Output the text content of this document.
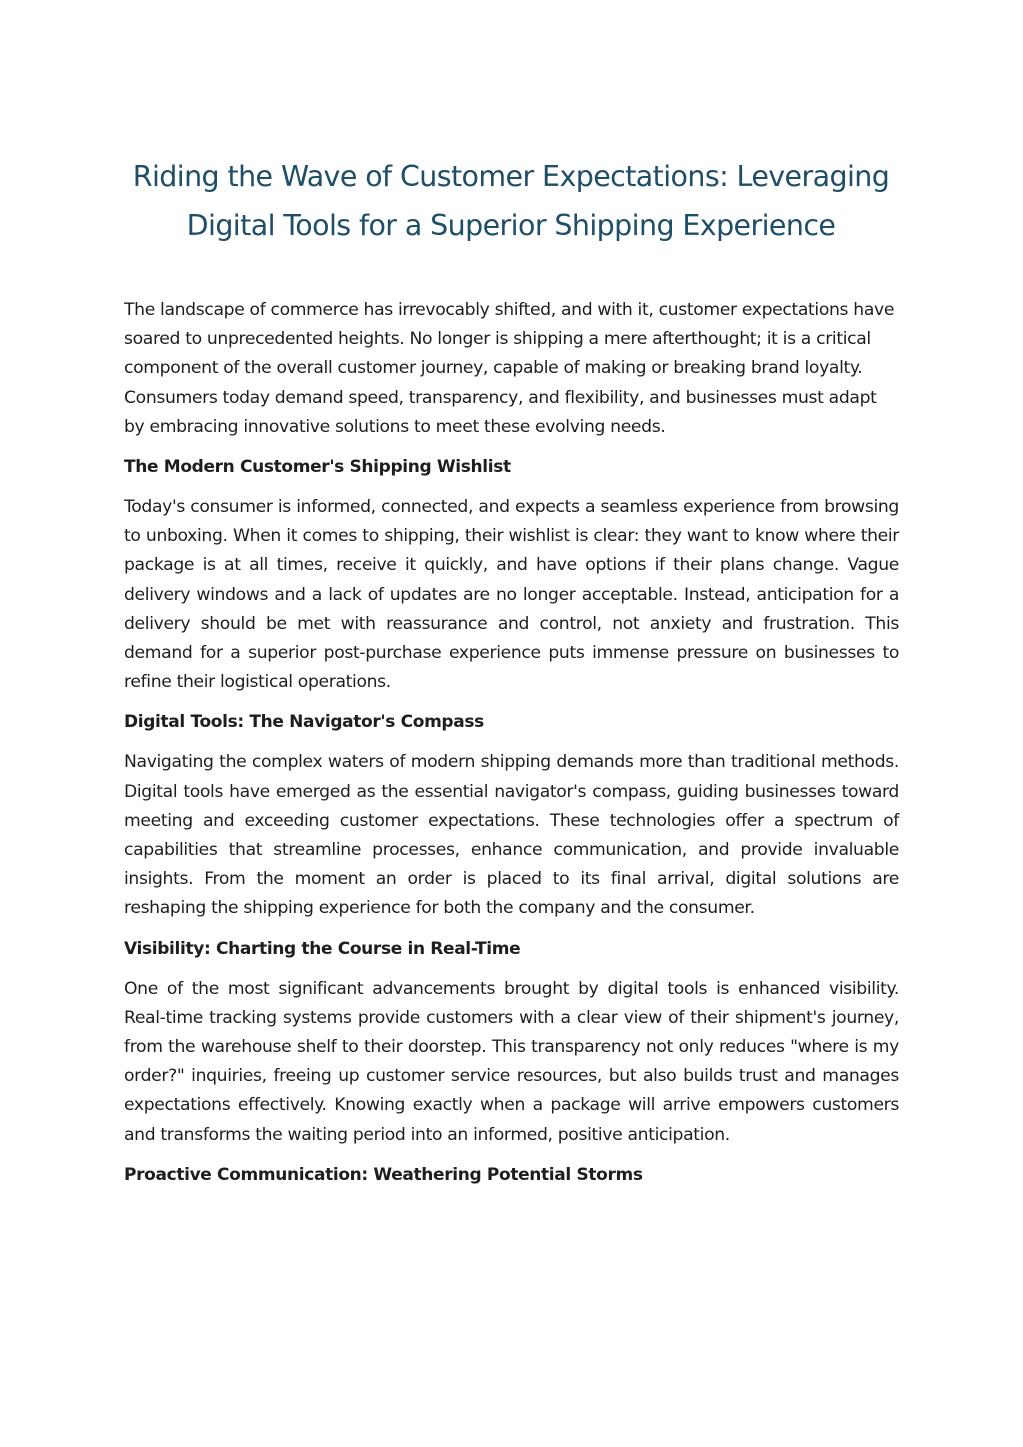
Riding the Wave of Customer Expectations: Leveraging Digital Tools for a Superior Shipping Experience

The landscape of commerce has irrevocably shifted, and with it, customer expectations have soared to unprecedented heights. No longer is shipping a mere afterthought; it is a critical component of the overall customer journey, capable of making or breaking brand loyalty. Consumers today demand speed, transparency, and flexibility, and businesses must adapt by embracing innovative solutions to meet these evolving needs.

The Modern Customer's Shipping Wishlist

Today's consumer is informed, connected, and expects a seamless experience from browsing to unboxing. When it comes to shipping, their wishlist is clear: they want to know where their package is at all times, receive it quickly, and have options if their plans change. Vague delivery windows and a lack of updates are no longer acceptable. Instead, anticipation for a delivery should be met with reassurance and control, not anxiety and frustration. This demand for a superior post-purchase experience puts immense pressure on businesses to refine their logistical operations.

Digital Tools: The Navigator's Compass

Navigating the complex waters of modern shipping demands more than traditional methods. Digital tools have emerged as the essential navigator's compass, guiding businesses toward meeting and exceeding customer expectations. These technologies offer a spectrum of capabilities that streamline processes, enhance communication, and provide invaluable insights. From the moment an order is placed to its final arrival, digital solutions are reshaping the shipping experience for both the company and the consumer.

Visibility: Charting the Course in Real-Time

One of the most significant advancements brought by digital tools is enhanced visibility. Real-time tracking systems provide customers with a clear view of their shipment's journey, from the warehouse shelf to their doorstep. This transparency not only reduces "where is my order?" inquiries, freeing up customer service resources, but also builds trust and manages expectations effectively. Knowing exactly when a package will arrive empowers customers and transforms the waiting period into an informed, positive anticipation.

Proactive Communication: Weathering Potential Storms
